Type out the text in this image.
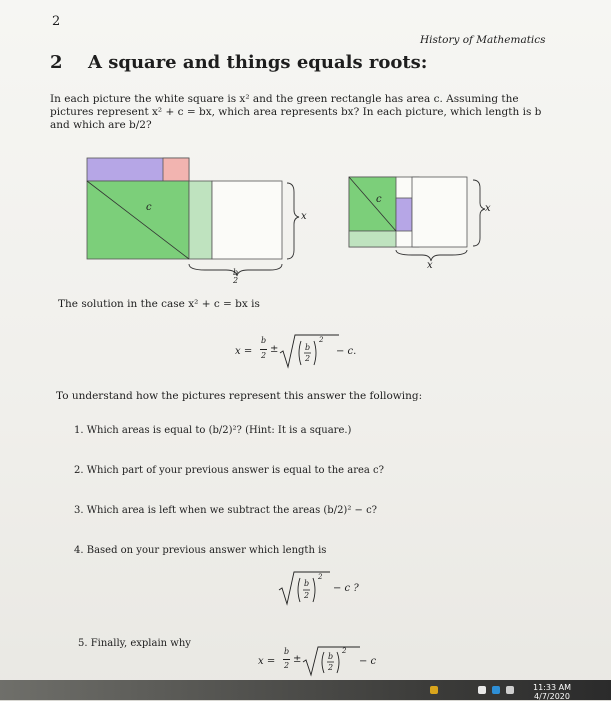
2
History of Mathematics
2 A square and things equals roots:
In each picture the white square is x² and the green rectangle has area c. Assuming the
pictures represent x² + c = bx, which area represents bx? In each picture, which length is b
and which are b/2?
c
x
b
2
c
x
x
The solution in the case x² + c = bx is
x =
b
2
±	b
2
2
− c.
To understand how the pictures represent this answer the following:
1. Which areas is equal to (b/2)²? (Hint: It is a square.)
2. Which part of your previous answer is equal to the area c?
3. Which area is left when we subtract the areas (b/2)² − c?
4. Based on your previous answer which length is
b
2
2
− c ?
5. Finally, explain why
x =
b
2
±	b
2
2
− c
11:33 AM
4/7/2020
